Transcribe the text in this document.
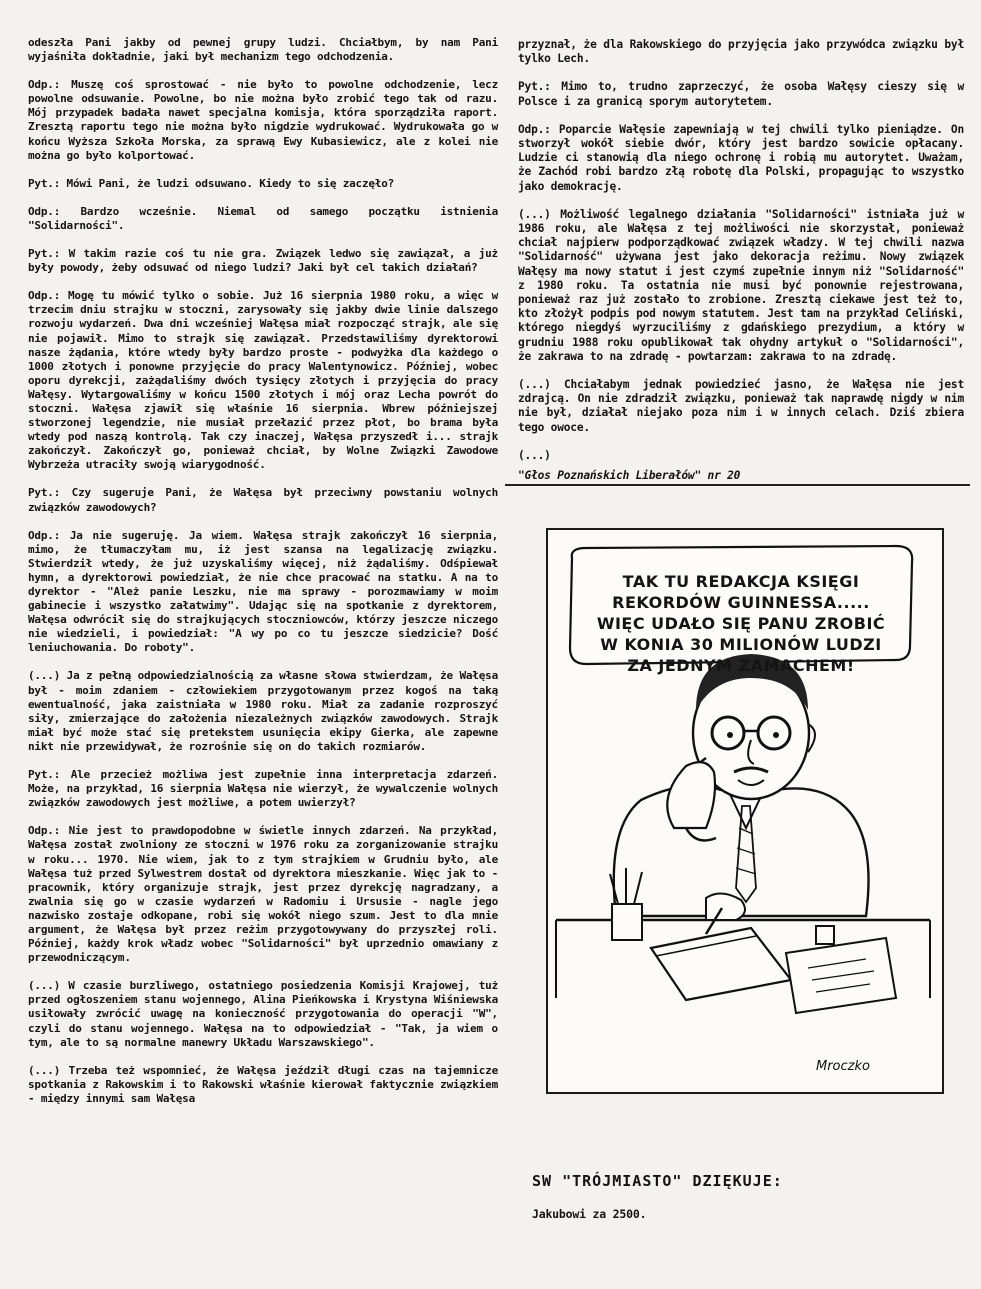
odeszła Pani jakby od pewnej grupy ludzi. Chciałbym, by nam Pani wyjaśniła dokładnie, jaki był mechanizm tego odchodzenia.

Odp.: Muszę coś sprostować - nie było to powolne odchodzenie, lecz powolne odsuwanie. Powolne, bo nie można było zrobić tego tak od razu. Mój przypadek badała nawet specjalna komisja, która sporządziła raport. Zresztą raportu tego nie można było nigdzie wydrukować. Wydrukowała go w końcu Wyższa Szkoła Morska, za sprawą Ewy Kubasiewicz, ale z kolei nie można go było kolportować.

Pyt.: Mówi Pani, że ludzi odsuwano. Kiedy to się zaczęło?

Odp.: Bardzo wcześnie. Niemal od samego początku istnienia "Solidarności".

Pyt.: W takim razie coś tu nie gra. Związek ledwo się zawiązał, a już były powody, żeby odsuwać od niego ludzi? Jaki był cel takich działań?

Odp.: Mogę tu mówić tylko o sobie. Już 16 sierpnia 1980 roku, a więc w trzecim dniu strajku w stoczni, zarysowały się jakby dwie linie dalszego rozwoju wydarzeń. Dwa dni wcześniej Wałęsa miał rozpocząć strajk, ale się nie pojawił. Mimo to strajk się zawiązał. Przedstawiliśmy dyrektorowi nasze żądania, które wtedy były bardzo proste - podwyżka dla każdego o 1000 złotych i ponowne przyjęcie do pracy Walentynowicz. Później, wobec oporu dyrekcji, zażądaliśmy dwóch tysięcy złotych i przyjęcia do pracy Wałęsy. Wytargowaliśmy w końcu 1500 złotych i mój oraz Lecha powrót do stoczni. Wałęsa zjawił się właśnie 16 sierpnia. Wbrew późniejszej stworzonej legendzie, nie musiał przełazić przez płot, bo brama była wtedy pod naszą kontrolą. Tak czy inaczej, Wałęsa przyszedł i... strajk zakończył. Zakończył go, ponieważ chciał, by Wolne Związki Zawodowe Wybrzeża utraciły swoją wiarygodność.

Pyt.: Czy sugeruje Pani, że Wałęsa był przeciwny powstaniu wolnych związków zawodowych?

Odp.: Ja nie sugeruję. Ja wiem. Wałęsa strajk zakończył 16 sierpnia, mimo, że tłumaczyłam mu, iż jest szansa na legalizację związku. Stwierdził wtedy, że już uzyskaliśmy więcej, niż żądaliśmy. Odśpiewał hymn, a dyrektorowi powiedział, że nie chce pracować na statku. A na to dyrektor - "Ależ panie Leszku, nie ma sprawy - porozmawiamy w moim gabinecie i wszystko załatwimy". Udając się na spotkanie z dyrektorem, Wałęsa odwrócił się do strajkujących stoczniowców, którzy jeszcze niczego nie wiedzieli, i powiedział: "A wy po co tu jeszcze siedzicie? Dość leniuchowania. Do roboty".

(...) Ja z pełną odpowiedzialnością za własne słowa stwierdzam, że Wałęsa był - moim zdaniem - człowiekiem przygotowanym przez kogoś na taką ewentualność, jaka zaistniała w 1980 roku. Miał za zadanie rozproszyć siły, zmierzające do założenia niezależnych związków zawodowych. Strajk miał być może stać się pretekstem usunięcia ekipy Gierka, ale zapewne nikt nie przewidywał, że rozrośnie się on do takich rozmiarów.

Pyt.: Ale przecież możliwa jest zupełnie inna interpretacja zdarzeń. Może, na przykład, 16 sierpnia Wałęsa nie wierzył, że wywalczenie wolnych związków zawodowych jest możliwe, a potem uwierzył?

Odp.: Nie jest to prawdopodobne w świetle innych zdarzeń. Na przykład, Wałęsa został zwolniony ze stoczni w 1976 roku za zorganizowanie strajku w roku... 1970. Nie wiem, jak to z tym strajkiem w Grudniu było, ale Wałęsa tuż przed Sylwestrem dostał od dyrektora mieszkanie. Więc jak to - pracownik, który organizuje strajk, jest przez dyrekcję nagradzany, a zwalnia się go w czasie wydarzeń w Radomiu i Ursusie - nagle jego nazwisko zostaje odkopane, robi się wokół niego szum. Jest to dla mnie argument, że Wałęsa był przez reżim przygotowywany do przyszłej roli. Później, każdy krok władz wobec "Solidarności" był uprzednio omawiany z przewodniczącym.

(...) W czasie burzliwego, ostatniego posiedzenia Komisji Krajowej, tuż przed ogłoszeniem stanu wojennego, Alina Pieńkowska i Krystyna Wiśniewska usiłowały zwrócić uwagę na konieczność przygotowania do operacji "W", czyli do stanu wojennego. Wałęsa na to odpowiedział - "Tak, ja wiem o tym, ale to są normalne manewry Układu Warszawskiego".

(...) Trzeba też wspomnieć, że Wałęsa jeździł długi czas na tajemnicze spotkania z Rakowskim i to Rakowski właśnie kierował faktycznie związkiem - między innymi sam Wałęsa

przyznał, że dla Rakowskiego do przyjęcia jako przywódca związku był tylko Lech.

Pyt.: Mimo to, trudno zaprzeczyć, że osoba Wałęsy cieszy się w Polsce i za granicą sporym autorytetem.

Odp.: Poparcie Wałęsie zapewniają w tej chwili tylko pieniądze. On stworzył wokół siebie dwór, który jest bardzo sowicie opłacany. Ludzie ci stanowią dla niego ochronę i robią mu autorytet. Uważam, że Zachód robi bardzo złą robotę dla Polski, propagując to wszystko jako demokrację.

(...) Możliwość legalnego działania "Solidarności" istniała już w 1986 roku, ale Wałęsa z tej możliwości nie skorzystał, ponieważ chciał najpierw podporządkować związek władzy. W tej chwili nazwa "Solidarność" używana jest jako dekoracja reżimu. Nowy związek Wałęsy ma nowy statut i jest czymś zupełnie innym niż "Solidarność" z 1980 roku. Ta ostatnia nie musi być ponownie rejestrowana, ponieważ raz już zostało to zrobione. Zresztą ciekawe jest też to, kto złożył podpis pod nowym statutem. Jest tam na przykład Celiński, którego niegdyś wyrzuciliśmy z gdańskiego prezydium, a który w grudniu 1988 roku opublikował tak ohydny artykuł o "Solidarności", że zakrawa to na zdradę - powtarzam: zakrawa to na zdradę.

(...) Chciałabym jednak powiedzieć jasno, że Wałęsa nie jest zdrajcą. On nie zdradził związku, ponieważ tak naprawdę nigdy w nim nie był, działał niejako poza nim i w innych celach. Dziś zbiera tego owoce.

(...)

"Głos Poznańskich Liberałów" nr 20

Mroczko
TAK TU REDAKCJA KSIĘGI REKORDÓW GUINNESSA..... WIĘC UDAŁO SIĘ PANU ZROBIĆ W KONIA 30 MILIONÓW LUDZI ZA JEDNYM ZAMACHEM!
SW "TRÓJMIASTO" DZIĘKUJE:

Jakubowi za 2500.
